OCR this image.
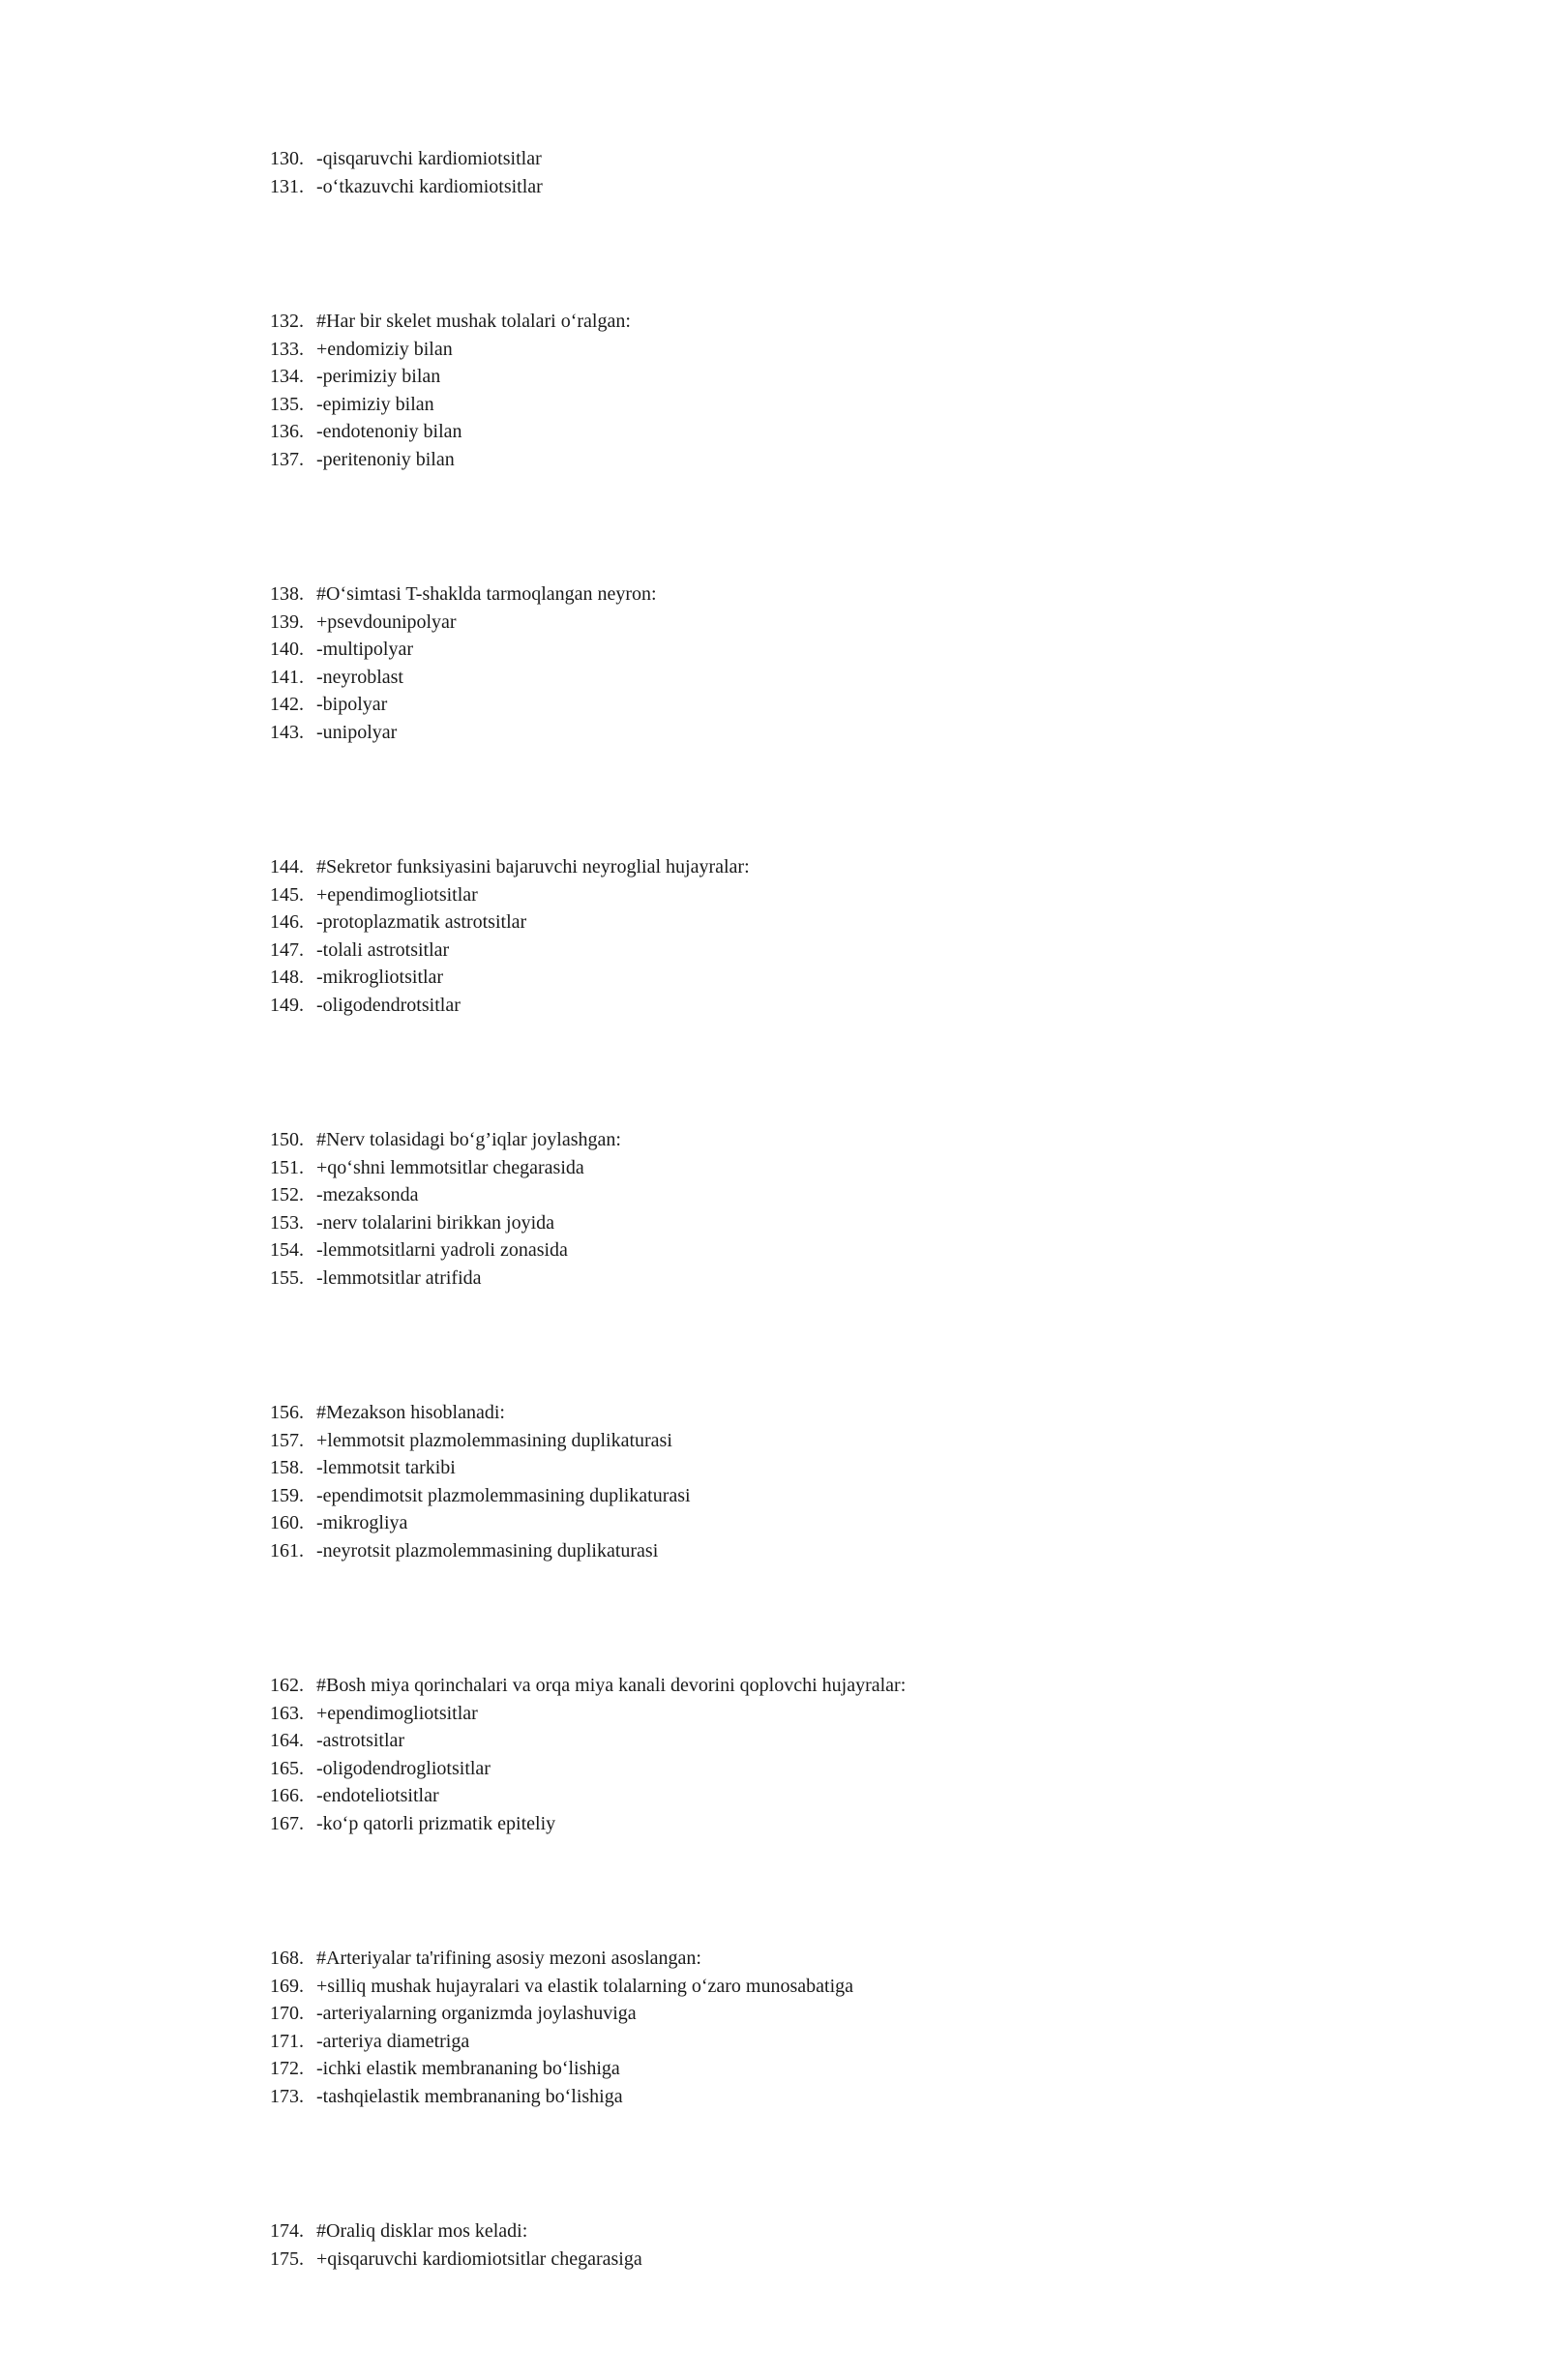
130. -qisqaruvchi kardiomiotsitlar
131. -o‘tkazuvchi kardiomiotsitlar
132. #Har bir skelet mushak tolalari o‘ralgan:
133. +endomiziy bilan
134. -perimiziy bilan
135. -epimiziy bilan
136. -endotenoniy bilan
137. -peritenoniy bilan
138. #O‘simtasi T-shaklda tarmoqlangan neyron:
139. +psevdounipolyar
140. -multipolyar
141. -neyroblast
142. -bipolyar
143. -unipolyar
144. #Sekretor funksiyasini bajaruvchi neyroglial hujayralar:
145. +ependimogliotsitlar
146. -protoplazmatik astrotsitlar
147. -tolali astrotsitlar
148. -mikrogliotsitlar
149. -oligodendrotsitlar
150. #Nerv tolasidagi bo‘g’iqlar joylashgan:
151. +qo‘shni lemmotsitlar chegarasida
152. -mezaksonda
153. -nerv tolalarini birikkan joyida
154. -lemmotsitlarni yadroli zonasida
155. -lemmotsitlar atrifida
156. #Mezakson hisoblanadi:
157. +lemmotsit plazmolemmasining duplikaturasi
158. -lemmotsit tarkibi
159. -ependimotsit plazmolemmasining duplikaturasi
160. -mikrogliya
161. -neyrotsit plazmolemmasining duplikaturasi
162. #Bosh miya qorinchalari va orqa miya kanali devorini qoplovchi hujayralar:
163. +ependimogliotsitlar
164. -astrotsitlar
165. -oligodendrogliotsitlar
166. -endoteliotsitlar
167. -ko‘p qatorli prizmatik epiteliy
168. #Arteriyalar ta'rifining asosiy mezoni asoslangan:
169. +silliq mushak hujayralari va elastik tolalarning o‘zaro munosabatiga
170. -arteriyalarning organizmda joylashuviga
171. -arteriya diametriga
172. -ichki elastik membrananing bo‘lishiga
173. -tashqielastik membrananing bo‘lishiga
174. #Oraliq disklar mos keladi:
175. +qisqaruvchi kardiomiotsitlar chegarasiga
